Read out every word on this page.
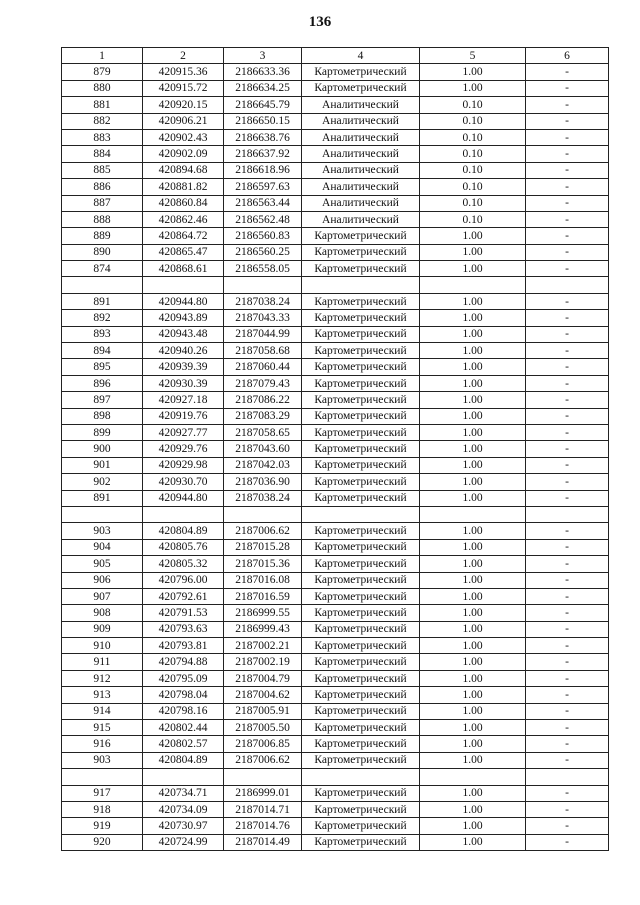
136
1	2	3	4	5	6
879	420915.36	2186633.36	Картометрический	1.00	-
880	420915.72	2186634.25	Картометрический	1.00	-
881	420920.15	2186645.79	Аналитический	0.10	-
882	420906.21	2186650.15	Аналитический	0.10	-
883	420902.43	2186638.76	Аналитический	0.10	-
884	420902.09	2186637.92	Аналитический	0.10	-
885	420894.68	2186618.96	Аналитический	0.10	-
886	420881.82	2186597.63	Аналитический	0.10	-
887	420860.84	2186563.44	Аналитический	0.10	-
888	420862.46	2186562.48	Аналитический	0.10	-
889	420864.72	2186560.83	Картометрический	1.00	-
890	420865.47	2186560.25	Картометрический	1.00	-
874	420868.61	2186558.05	Картометрический	1.00	-

891	420944.80	2187038.24	Картометрический	1.00	-
892	420943.89	2187043.33	Картометрический	1.00	-
893	420943.48	2187044.99	Картометрический	1.00	-
894	420940.26	2187058.68	Картометрический	1.00	-
895	420939.39	2187060.44	Картометрический	1.00	-
896	420930.39	2187079.43	Картометрический	1.00	-
897	420927.18	2187086.22	Картометрический	1.00	-
898	420919.76	2187083.29	Картометрический	1.00	-
899	420927.77	2187058.65	Картометрический	1.00	-
900	420929.76	2187043.60	Картометрический	1.00	-
901	420929.98	2187042.03	Картометрический	1.00	-
902	420930.70	2187036.90	Картометрический	1.00	-
891	420944.80	2187038.24	Картометрический	1.00	-

903	420804.89	2187006.62	Картометрический	1.00	-
904	420805.76	2187015.28	Картометрический	1.00	-
905	420805.32	2187015.36	Картометрический	1.00	-
906	420796.00	2187016.08	Картометрический	1.00	-
907	420792.61	2187016.59	Картометрический	1.00	-
908	420791.53	2186999.55	Картометрический	1.00	-
909	420793.63	2186999.43	Картометрический	1.00	-
910	420793.81	2187002.21	Картометрический	1.00	-
911	420794.88	2187002.19	Картометрический	1.00	-
912	420795.09	2187004.79	Картометрический	1.00	-
913	420798.04	2187004.62	Картометрический	1.00	-
914	420798.16	2187005.91	Картометрический	1.00	-
915	420802.44	2187005.50	Картометрический	1.00	-
916	420802.57	2187006.85	Картометрический	1.00	-
903	420804.89	2187006.62	Картометрический	1.00	-

917	420734.71	2186999.01	Картометрический	1.00	-
918	420734.09	2187014.71	Картометрический	1.00	-
919	420730.97	2187014.76	Картометрический	1.00	-
920	420724.99	2187014.49	Картометрический	1.00	-
